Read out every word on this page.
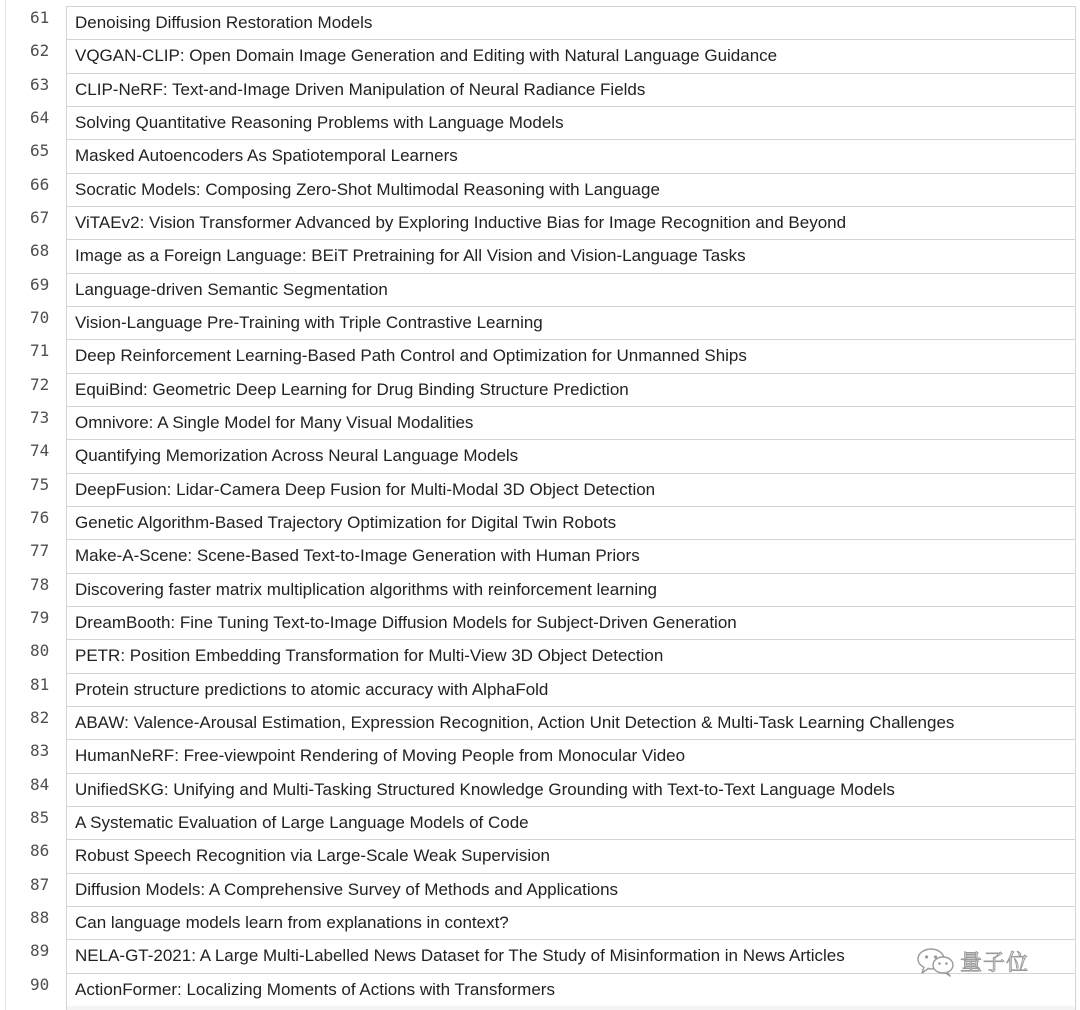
61	Denoising Diffusion Restoration Models
62	VQGAN-CLIP: Open Domain Image Generation and Editing with Natural Language Guidance
63	CLIP-NeRF: Text-and-Image Driven Manipulation of Neural Radiance Fields
64	Solving Quantitative Reasoning Problems with Language Models
65	Masked Autoencoders As Spatiotemporal Learners
66	Socratic Models: Composing Zero-Shot Multimodal Reasoning with Language
67	ViTAEv2: Vision Transformer Advanced by Exploring Inductive Bias for Image Recognition and Beyond
68	Image as a Foreign Language: BEiT Pretraining for All Vision and Vision-Language Tasks
69	Language-driven Semantic Segmentation
70	Vision-Language Pre-Training with Triple Contrastive Learning
71	Deep Reinforcement Learning-Based Path Control and Optimization for Unmanned Ships
72	EquiBind: Geometric Deep Learning for Drug Binding Structure Prediction
73	Omnivore: A Single Model for Many Visual Modalities
74	Quantifying Memorization Across Neural Language Models
75	DeepFusion: Lidar-Camera Deep Fusion for Multi-Modal 3D Object Detection
76	Genetic Algorithm-Based Trajectory Optimization for Digital Twin Robots
77	Make-A-Scene: Scene-Based Text-to-Image Generation with Human Priors
78	Discovering faster matrix multiplication algorithms with reinforcement learning
79	DreamBooth: Fine Tuning Text-to-Image Diffusion Models for Subject-Driven Generation
80	PETR: Position Embedding Transformation for Multi-View 3D Object Detection
81	Protein structure predictions to atomic accuracy with AlphaFold
82	ABAW: Valence-Arousal Estimation, Expression Recognition, Action Unit Detection & Multi-Task Learning Challenges
83	HumanNeRF: Free-viewpoint Rendering of Moving People from Monocular Video
84	UnifiedSKG: Unifying and Multi-Tasking Structured Knowledge Grounding with Text-to-Text Language Models
85	A Systematic Evaluation of Large Language Models of Code
86	Robust Speech Recognition via Large-Scale Weak Supervision
87	Diffusion Models: A Comprehensive Survey of Methods and Applications
88	Can language models learn from explanations in context?
89	NELA-GT-2021: A Large Multi-Labelled News Dataset for The Study of Misinformation in News Articles
90	ActionFormer: Localizing Moments of Actions with Transformers
量子位
